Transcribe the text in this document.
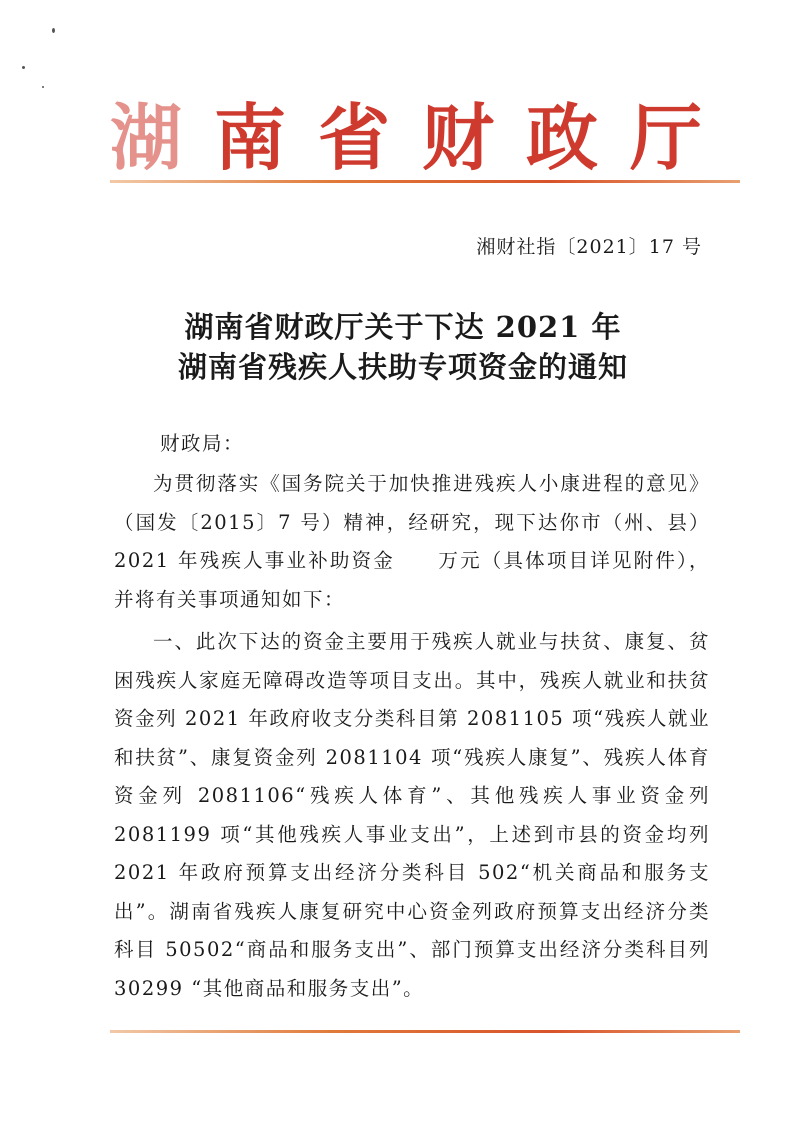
湖南省财政厅
湘财社指〔2021〕17 号
湖南省财政厅关于下达 2021 年
湖南省残疾人扶助专项资金的通知
财政局：
为贯彻落实《国务院关于加快推进残疾人小康进程的意见》（国发〔2015〕7 号）精神，经研究，现下达你市（州、县）2021 年残疾人事业补助资金　　万元（具体项目详见附件），并将有关事项通知如下：
一、此次下达的资金主要用于残疾人就业与扶贫、康复、贫困残疾人家庭无障碍改造等项目支出。其中，残疾人就业和扶贫资金列 2021 年政府收支分类科目第 2081105 项“残疾人就业和扶贫”、康复资金列 2081104 项“残疾人康复”、残疾人体育资金列 2081106“残疾人体育”、其他残疾人事业资金列 2081199 项“其他残疾人事业支出”，上述到市县的资金均列 2021 年政府预算支出经济分类科目 502“机关商品和服务支出”。湖南省残疾人康复研究中心资金列政府预算支出经济分类科目 50502“商品和服务支出”、部门预算支出经济分类科目列 30299 “其他商品和服务支出”。
